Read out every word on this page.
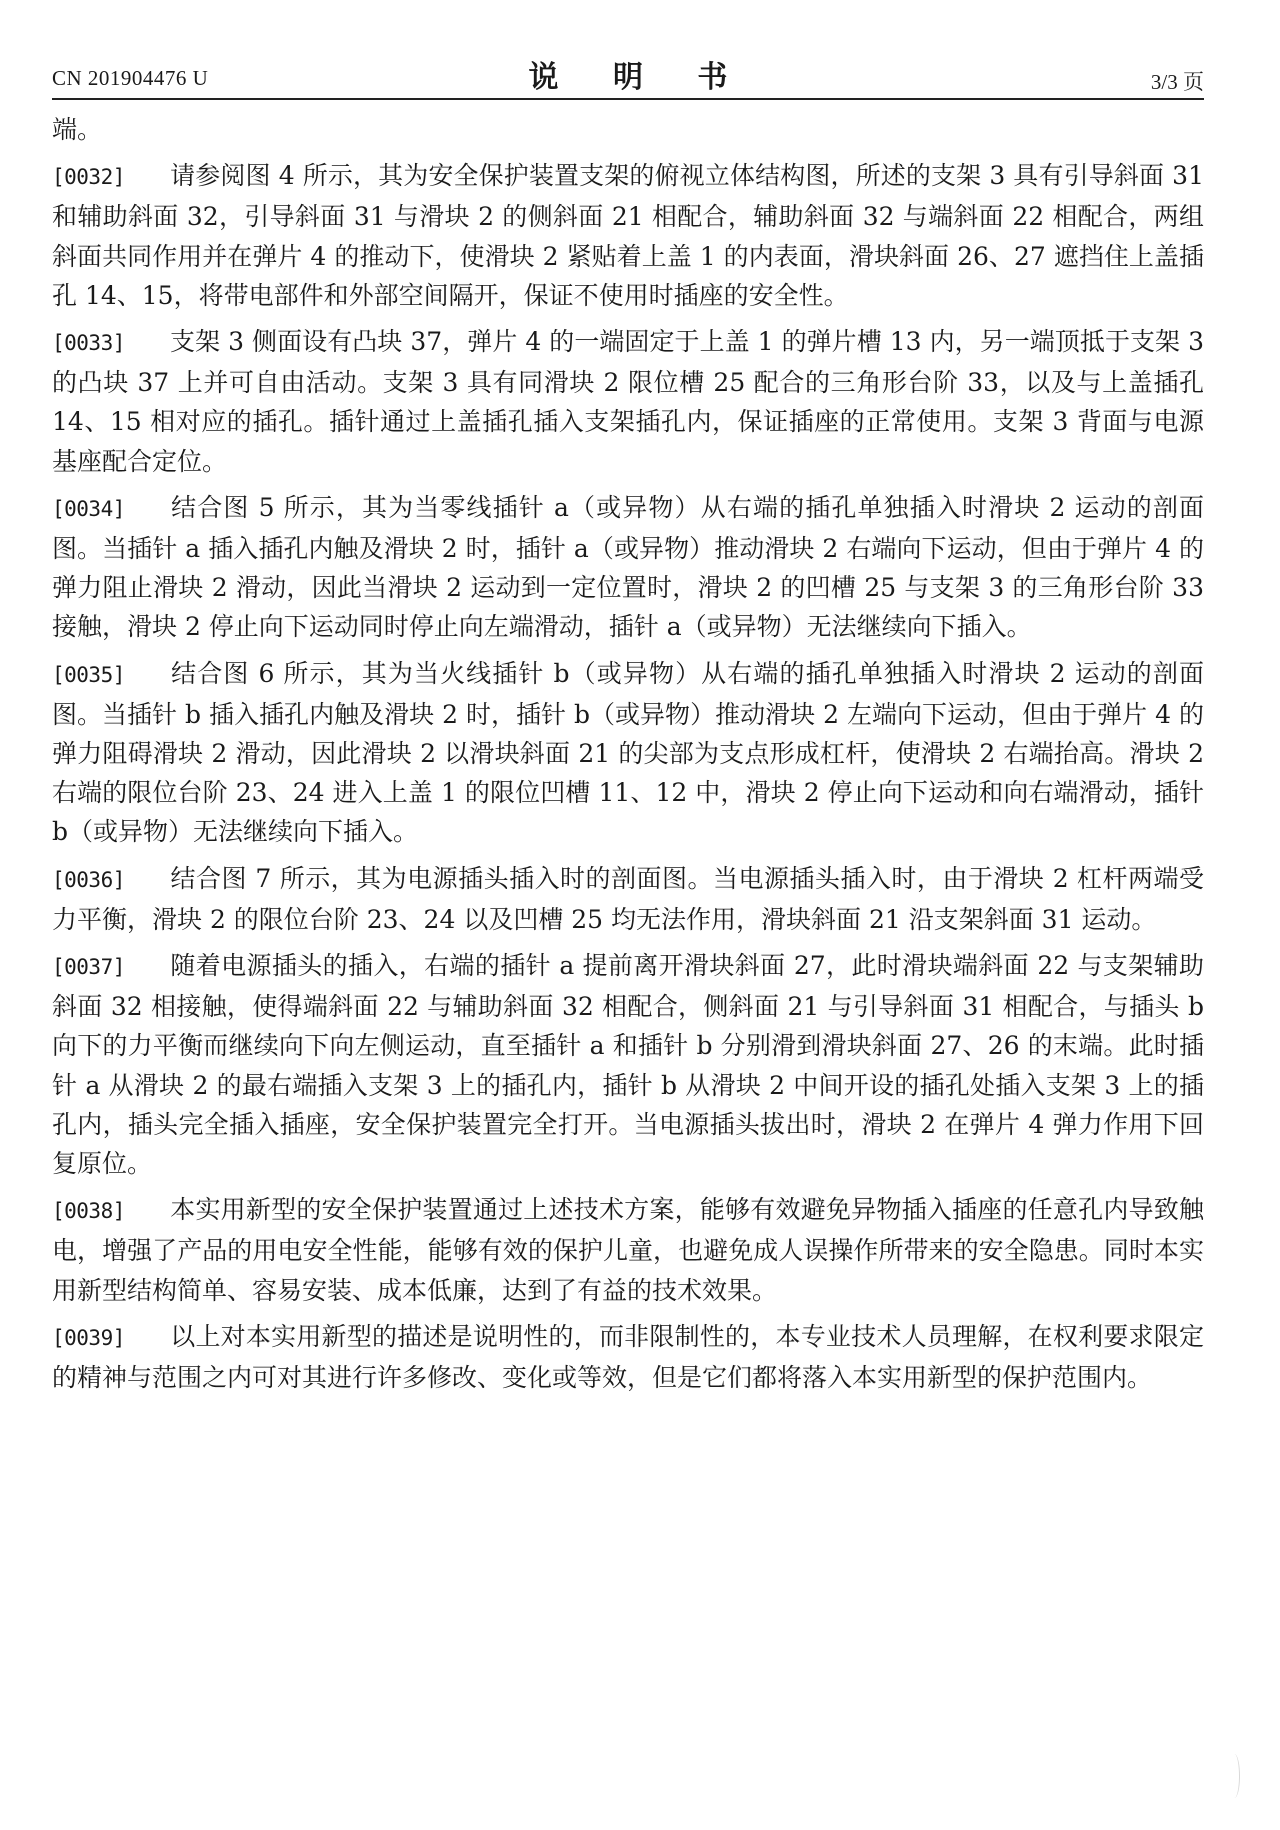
CN 201904476 U	说 明 书	3/3 页

端。

[0032] 请参阅图 4 所示，其为安全保护装置支架的俯视立体结构图，所述的支架 3 具有引导斜面 31 和辅助斜面 32，引导斜面 31 与滑块 2 的侧斜面 21 相配合，辅助斜面 32 与端斜面 22 相配合，两组斜面共同作用并在弹片 4 的推动下，使滑块 2 紧贴着上盖 1 的内表面，滑块斜面 26、27 遮挡住上盖插孔 14、15，将带电部件和外部空间隔开，保证不使用时插座的安全性。

[0033] 支架 3 侧面设有凸块 37，弹片 4 的一端固定于上盖 1 的弹片槽 13 内，另一端顶抵于支架 3 的凸块 37 上并可自由活动。支架 3 具有同滑块 2 限位槽 25 配合的三角形台阶 33，以及与上盖插孔 14、15 相对应的插孔。插针通过上盖插孔插入支架插孔内，保证插座的正常使用。支架 3 背面与电源基座配合定位。

[0034] 结合图 5 所示，其为当零线插针 a（或异物）从右端的插孔单独插入时滑块 2 运动的剖面图。当插针 a 插入插孔内触及滑块 2 时，插针 a（或异物）推动滑块 2 右端向下运动，但由于弹片 4 的弹力阻止滑块 2 滑动，因此当滑块 2 运动到一定位置时，滑块 2 的凹槽 25 与支架 3 的三角形台阶 33 接触，滑块 2 停止向下运动同时停止向左端滑动，插针 a（或异物）无法继续向下插入。

[0035] 结合图 6 所示，其为当火线插针 b（或异物）从右端的插孔单独插入时滑块 2 运动的剖面图。当插针 b 插入插孔内触及滑块 2 时，插针 b（或异物）推动滑块 2 左端向下运动，但由于弹片 4 的弹力阻碍滑块 2 滑动，因此滑块 2 以滑块斜面 21 的尖部为支点形成杠杆，使滑块 2 右端抬高。滑块 2 右端的限位台阶 23、24 进入上盖 1 的限位凹槽 11、12 中，滑块 2 停止向下运动和向右端滑动，插针 b（或异物）无法继续向下插入。

[0036] 结合图 7 所示，其为电源插头插入时的剖面图。当电源插头插入时，由于滑块 2 杠杆两端受力平衡，滑块 2 的限位台阶 23、24 以及凹槽 25 均无法作用，滑块斜面 21 沿支架斜面 31 运动。

[0037] 随着电源插头的插入，右端的插针 a 提前离开滑块斜面 27，此时滑块端斜面 22 与支架辅助斜面 32 相接触，使得端斜面 22 与辅助斜面 32 相配合，侧斜面 21 与引导斜面 31 相配合，与插头 b 向下的力平衡而继续向下向左侧运动，直至插针 a 和插针 b 分别滑到滑块斜面 27、26 的末端。此时插针 a 从滑块 2 的最右端插入支架 3 上的插孔内，插针 b 从滑块 2 中间开设的插孔处插入支架 3 上的插孔内，插头完全插入插座，安全保护装置完全打开。当电源插头拔出时，滑块 2 在弹片 4 弹力作用下回复原位。

[0038] 本实用新型的安全保护装置通过上述技术方案，能够有效避免异物插入插座的任意孔内导致触电，增强了产品的用电安全性能，能够有效的保护儿童，也避免成人误操作所带来的安全隐患。同时本实用新型结构简单、容易安装、成本低廉，达到了有益的技术效果。

[0039] 以上对本实用新型的描述是说明性的，而非限制性的，本专业技术人员理解，在权利要求限定的精神与范围之内可对其进行许多修改、变化或等效，但是它们都将落入本实用新型的保护范围内。
